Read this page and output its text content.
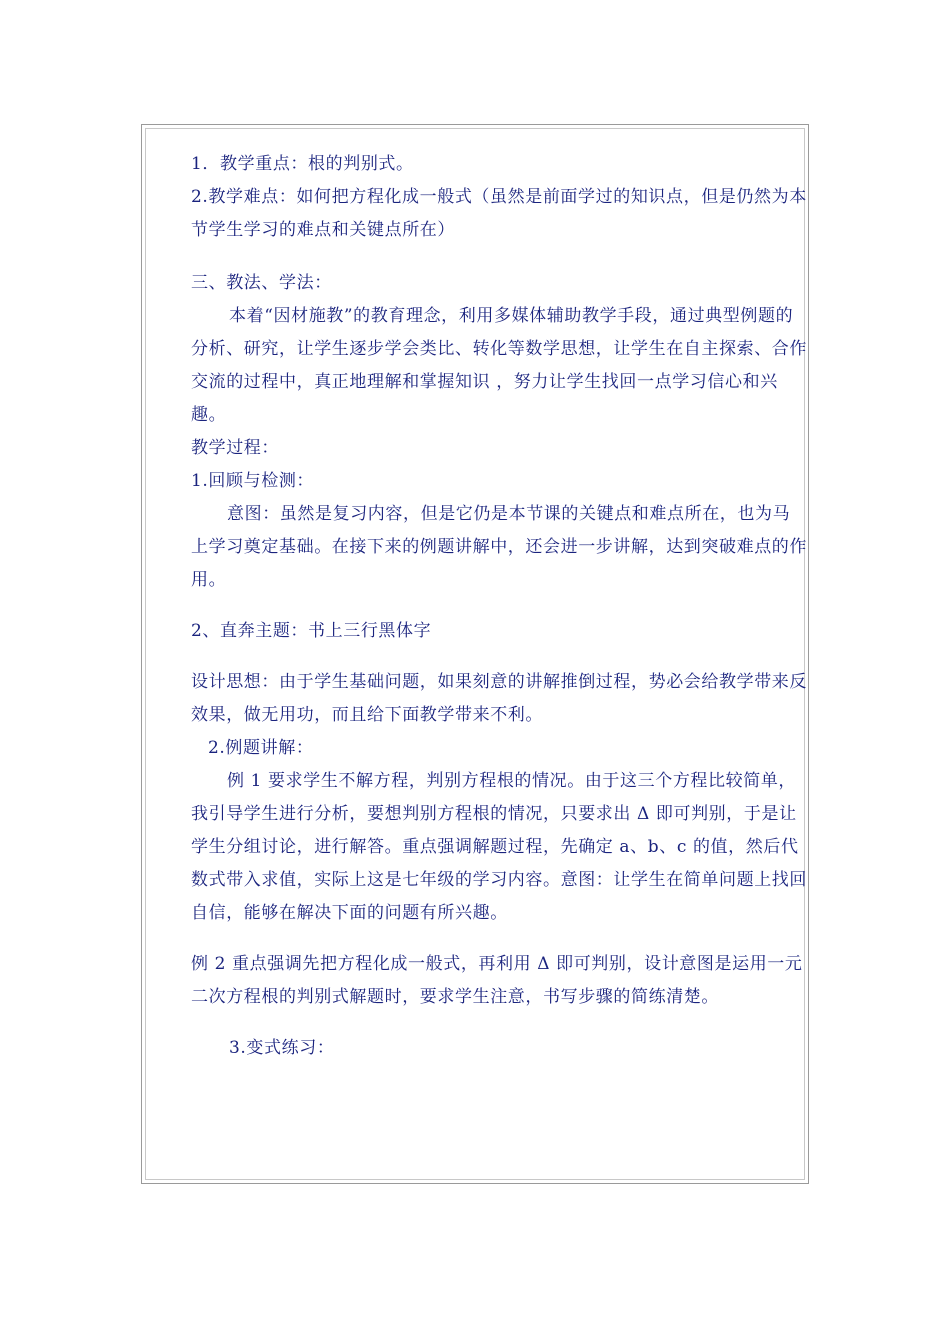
1．教学重点：根的判别式。

2.教学难点：如何把方程化成一般式（虽然是前面学过的知识点，但是仍然为本节学生学习的难点和关键点所在）

三、教法、学法：

本着“因材施教”的教育理念，利用多媒体辅助教学手段，通过典型例题的分析、研究，让学生逐步学会类比、转化等数学思想，让学生在自主探索、合作交流的过程中，真正地理解和掌握知识 ，努力让学生找回一点学习信心和兴趣。

教学过程：

1.回顾与检测：

意图：虽然是复习内容，但是它仍是本节课的关键点和难点所在，也为马上学习奠定基础。在接下来的例题讲解中，还会进一步讲解，达到突破难点的作用。

2、直奔主题：书上三行黑体字

设计思想：由于学生基础问题，如果刻意的讲解推倒过程，势必会给教学带来反效果，做无用功，而且给下面教学带来不利。

2.例题讲解：

例 1 要求学生不解方程，判别方程根的情况。由于这三个方程比较简单，我引导学生进行分析，要想判别方程根的情况，只要求出 Δ 即可判别，于是让学生分组讨论，进行解答。重点强调解题过程，先确定 a、b、c 的值，然后代数式带入求值，实际上这是七年级的学习内容。意图：让学生在简单问题上找回自信，能够在解决下面的问题有所兴趣。

例 2 重点强调先把方程化成一般式，再利用 Δ 即可判别，设计意图是运用一元二次方程根的判别式解题时，要求学生注意，书写步骤的简练清楚。

3.变式练习：
